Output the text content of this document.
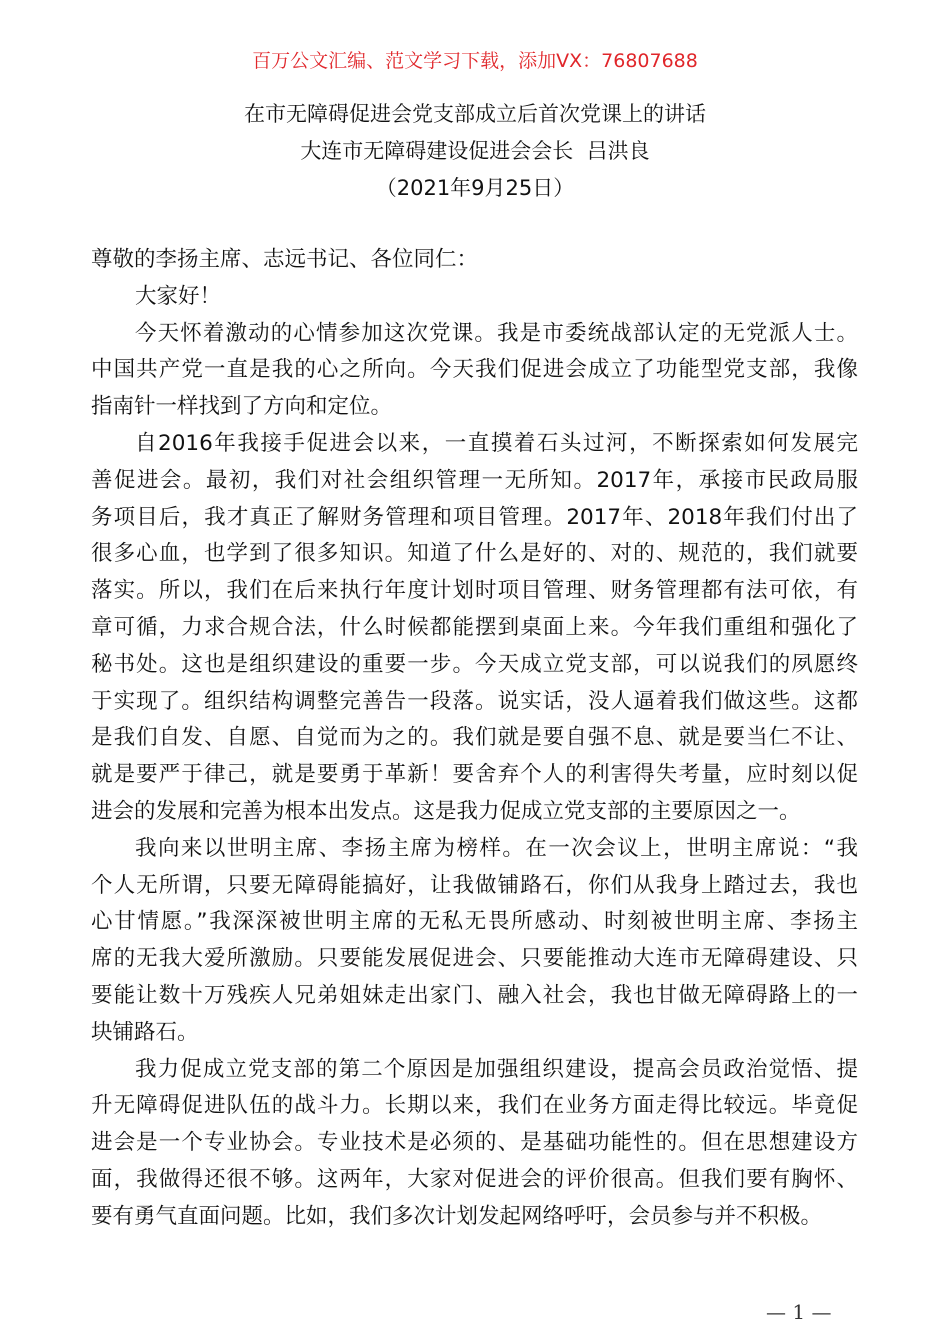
百万公文汇编、范文学习下载，添加VX：76807688
在市无障碍促进会党支部成立后首次党课上的讲话
大连市无障碍建设促进会会长  吕洪良
（2021年9月25日）
尊敬的李扬主席、志远书记、各位同仁：
大家好！
今天怀着激动的心情参加这次党课。我是市委统战部认定的无党派人士。
中国共产党一直是我的心之所向。今天我们促进会成立了功能型党支部，我像
指南针一样找到了方向和定位。
自2016年我接手促进会以来，一直摸着石头过河，不断探索如何发展完
善促进会。最初，我们对社会组织管理一无所知。2017年，承接市民政局服
务项目后，我才真正了解财务管理和项目管理。2017年、2018年我们付出了
很多心血，也学到了很多知识。知道了什么是好的、对的、规范的，我们就要
落实。所以，我们在后来执行年度计划时项目管理、财务管理都有法可依，有
章可循，力求合规合法，什么时候都能摆到桌面上来。今年我们重组和强化了
秘书处。这也是组织建设的重要一步。今天成立党支部，可以说我们的夙愿终
于实现了。组织结构调整完善告一段落。说实话，没人逼着我们做这些。这都
是我们自发、自愿、自觉而为之的。我们就是要自强不息、就是要当仁不让、
就是要严于律己，就是要勇于革新！要舍弃个人的利害得失考量，应时刻以促
进会的发展和完善为根本出发点。这是我力促成立党支部的主要原因之一。
我向来以世明主席、李扬主席为榜样。在一次会议上，世明主席说：“我
个人无所谓，只要无障碍能搞好，让我做铺路石，你们从我身上踏过去，我也
心甘情愿。”我深深被世明主席的无私无畏所感动、时刻被世明主席、李扬主
席的无我大爱所激励。只要能发展促进会、只要能推动大连市无障碍建设、只
要能让数十万残疾人兄弟姐妹走出家门、融入社会，我也甘做无障碍路上的一
块铺路石。
我力促成立党支部的第二个原因是加强组织建设，提高会员政治觉悟、提
升无障碍促进队伍的战斗力。长期以来，我们在业务方面走得比较远。毕竟促
进会是一个专业协会。专业技术是必须的、是基础功能性的。但在思想建设方
面，我做得还很不够。这两年，大家对促进会的评价很高。但我们要有胸怀、
要有勇气直面问题。比如，我们多次计划发起网络呼吁，会员参与并不积极。
— 1 —
